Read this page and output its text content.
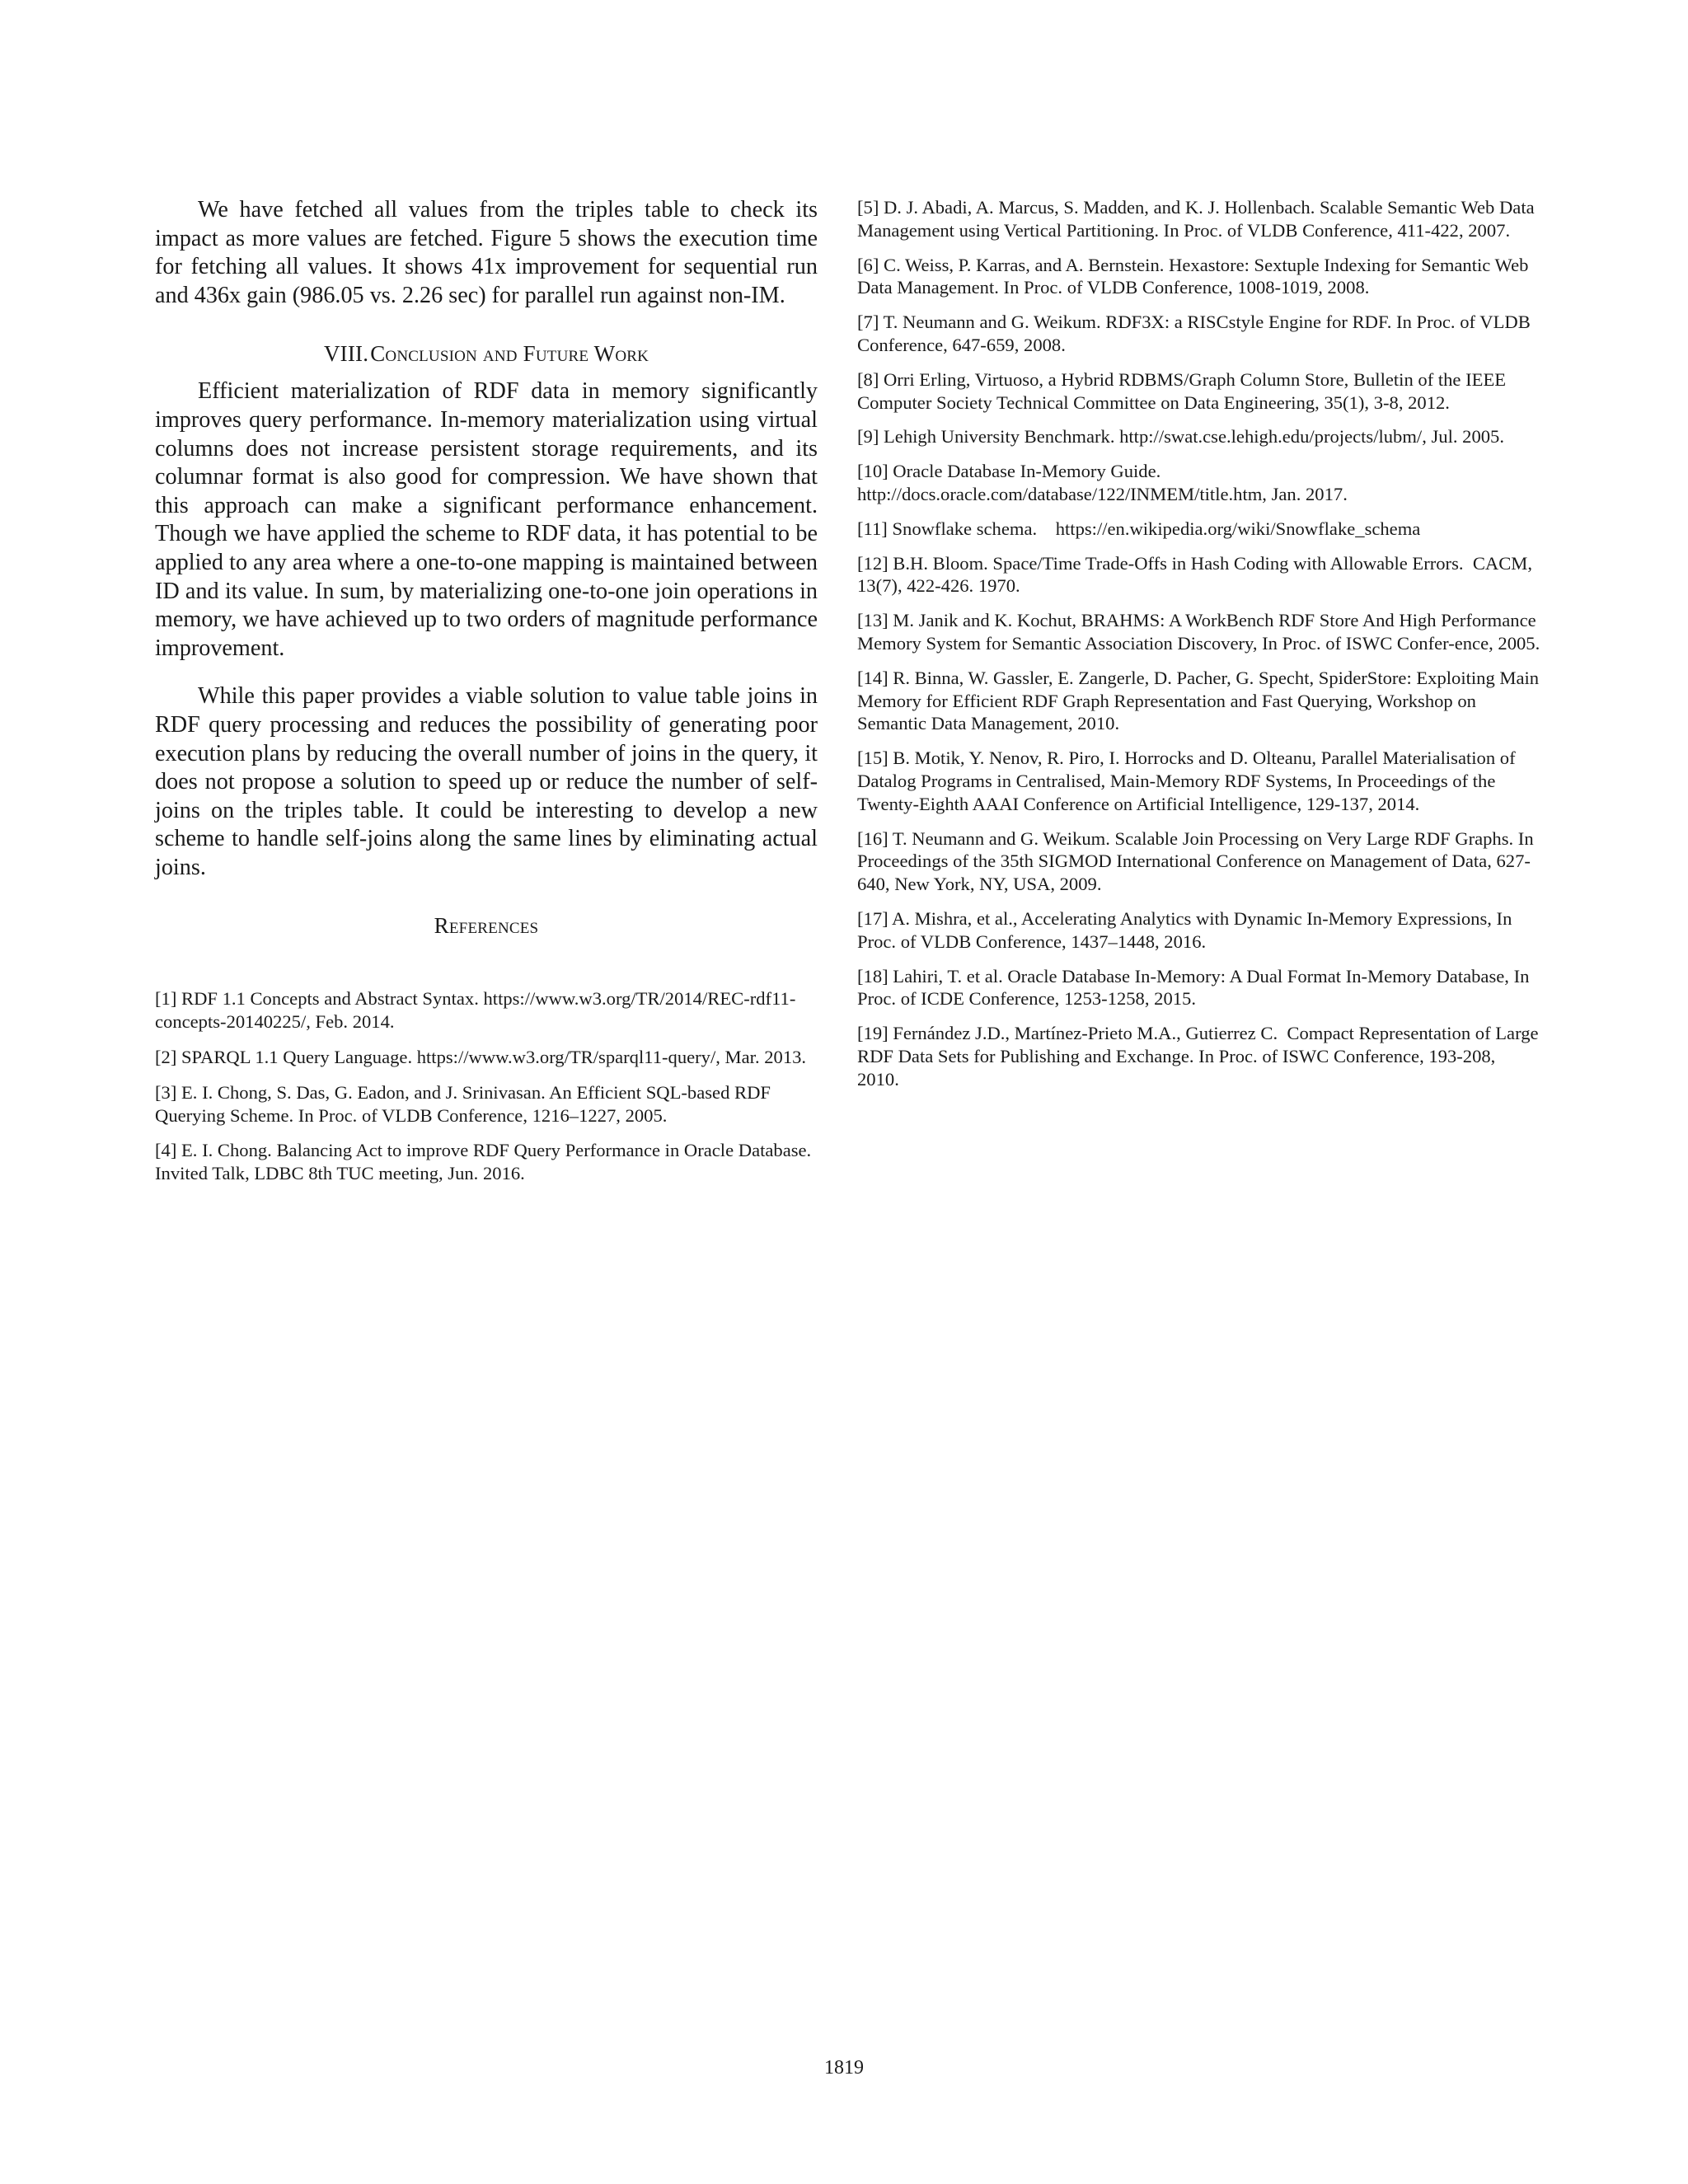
We have fetched all values from the triples table to check its impact as more values are fetched. Figure 5 shows the execution time for fetching all values. It shows 41x improvement for sequential run and 436x gain (986.05 vs. 2.26 sec) for parallel run against non-IM.

VIII.Conclusion and Future Work

Efficient materialization of RDF data in memory significantly improves query performance. In-memory materialization using virtual columns does not increase persistent storage requirements, and its columnar format is also good for compression. We have shown that this approach can make a significant performance enhancement. Though we have applied the scheme to RDF data, it has potential to be applied to any area where a one-to-one mapping is maintained between ID and its value. In sum, by materializing one-to-one join operations in memory, we have achieved up to two orders of magnitude performance improvement.

While this paper provides a viable solution to value table joins in RDF query processing and reduces the possibility of generating poor execution plans by reducing the overall number of joins in the query, it does not propose a solution to speed up or reduce the number of self-joins on the triples table. It could be interesting to develop a new scheme to handle self-joins along the same lines by eliminating actual joins.

References

[1] RDF 1.1 Concepts and Abstract Syntax. https://www.w3.org/TR/2014/REC-rdf11-concepts-20140225/, Feb. 2014.

[2] SPARQL 1.1 Query Language. https://www.w3.org/TR/sparql11-query/, Mar. 2013.

[3] E. I. Chong, S. Das, G. Eadon, and J. Srinivasan. An Efficient SQL-based RDF Querying Scheme. In Proc. of VLDB Conference, 1216–1227, 2005.

[4] E. I. Chong. Balancing Act to improve RDF Query Performance in Oracle Database. Invited Talk, LDBC 8th TUC meeting, Jun. 2016.

[5] D. J. Abadi, A. Marcus, S. Madden, and K. J. Hollenbach. Scalable Semantic Web Data Management using Vertical Partitioning. In Proc. of VLDB Conference, 411-422, 2007.

[6] C. Weiss, P. Karras, and A. Bernstein. Hexastore: Sextuple Indexing for Semantic Web Data Management. In Proc. of VLDB Conference, 1008-1019, 2008.

[7] T. Neumann and G. Weikum. RDF3X: a RISCstyle Engine for RDF. In Proc. of VLDB Conference, 647-659, 2008.

[8] Orri Erling, Virtuoso, a Hybrid RDBMS/Graph Column Store, Bulletin of the IEEE Computer Society Technical Committee on Data Engineering, 35(1), 3-8, 2012.

[9] Lehigh University Benchmark. http://swat.cse.lehigh.edu/projects/lubm/, Jul. 2005.

[10] Oracle Database In-Memory Guide. http://docs.oracle.com/database/122/INMEM/title.htm, Jan. 2017.

[11] Snowflake schema.    https://en.wikipedia.org/wiki/Snowflake_schema

[12] B.H. Bloom. Space/Time Trade-Offs in Hash Coding with Allowable Errors.  CACM, 13(7), 422-426. 1970.

[13] M. Janik and K. Kochut, BRAHMS: A WorkBench RDF Store And High Performance Memory System for Semantic Association Discovery, In Proc. of ISWC Confer-ence, 2005.

[14] R. Binna, W. Gassler, E. Zangerle, D. Pacher, G. Specht, SpiderStore: Exploiting Main Memory for Efficient RDF Graph Representation and Fast Querying, Workshop on Semantic Data Management, 2010.

[15] B. Motik, Y. Nenov, R. Piro, I. Horrocks and D. Olteanu, Parallel Materialisation of Datalog Programs in Centralised, Main-Memory RDF Systems, In Proceedings of the Twenty-Eighth AAAI Conference on Artificial Intelligence, 129-137, 2014.

[16] T. Neumann and G. Weikum. Scalable Join Processing on Very Large RDF Graphs. In Proceedings of the 35th SIGMOD International Conference on Management of Data, 627-640, New York, NY, USA, 2009.

[17] A. Mishra, et al., Accelerating Analytics with Dynamic In-Memory Expressions, In Proc. of VLDB Conference, 1437–1448, 2016.

[18] Lahiri, T. et al. Oracle Database In-Memory: A Dual Format In-Memory Database, In Proc. of ICDE Conference, 1253-1258, 2015.

[19] Fernández J.D., Martínez-Prieto M.A., Gutierrez C.  Compact Representation of Large RDF Data Sets for Publishing and Exchange. In Proc. of ISWC Conference, 193-208, 2010.

1819
